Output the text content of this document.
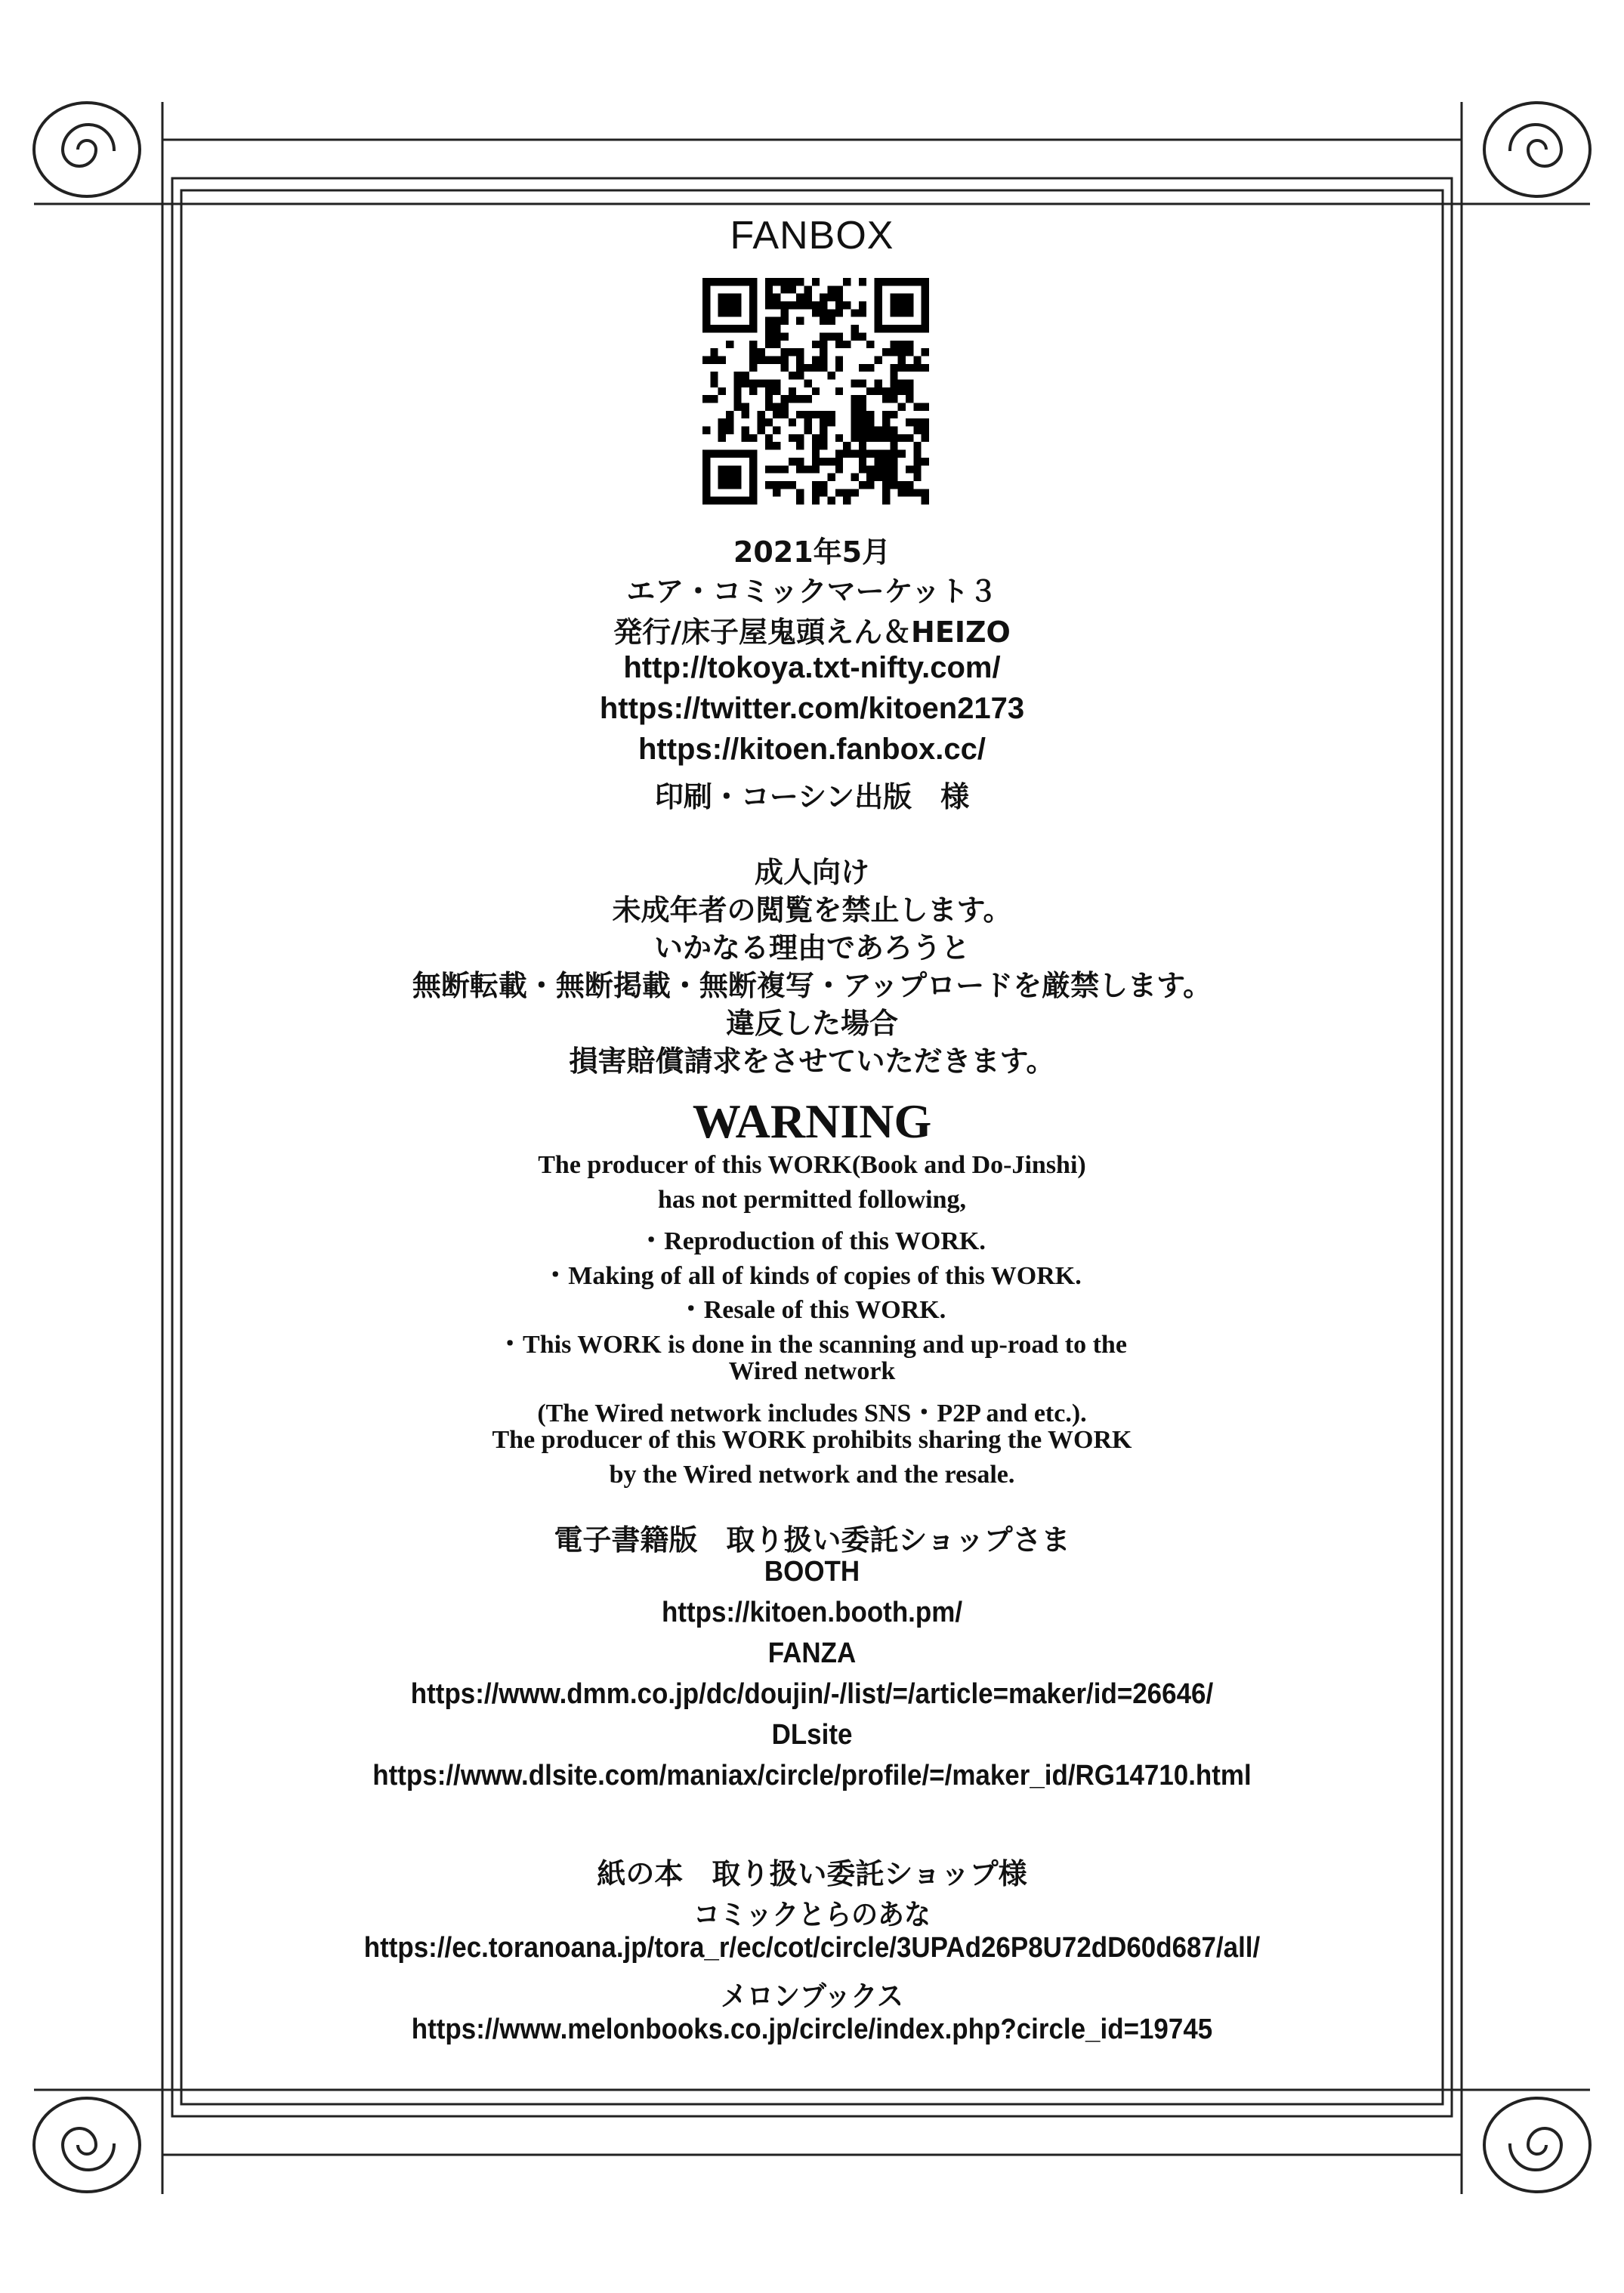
FANBOX
2021年5月
エア・コミックマーケット３
発行/床子屋鬼頭えん＆HEIZO
http://tokoya.txt-nifty.com/
https://twitter.com/kitoen2173
https://kitoen.fanbox.cc/
印刷・コーシン出版　様
WARNING
電子書籍版　取り扱い委託ショップさま
紙の本　取り扱い委託ショップ様
成人向け
未成年者の閲覧を禁止します。
いかなる理由であろうと
無断転載・無断掲載・無断複写・アップロードを厳禁します。
違反した場合
損害賠償請求をさせていただきます。
The producer of this WORK(Book and Do-Jinshi)
has not permitted following,
・Reproduction of this WORK.
・Making of all of kinds of copies of this WORK.
・Resale of this WORK.
・This WORK is done in the scanning and up-road to the
Wired network
(The Wired network includes SNS・P2P and etc.).
The producer of this WORK prohibits sharing the WORK
by the Wired network and the resale.
BOOTH
https://kitoen.booth.pm/
FANZA
https://www.dmm.co.jp/dc/doujin/-/list/=/article=maker/id=26646/
DLsite
https://www.dlsite.com/maniax/circle/profile/=/maker_id/RG14710.html
コミックとらのあな
https://ec.toranoana.jp/tora_r/ec/cot/circle/3UPAd26P8U72dD60d687/all/
メロンブックス
https://www.melonbooks.co.jp/circle/index.php?circle_id=19745
